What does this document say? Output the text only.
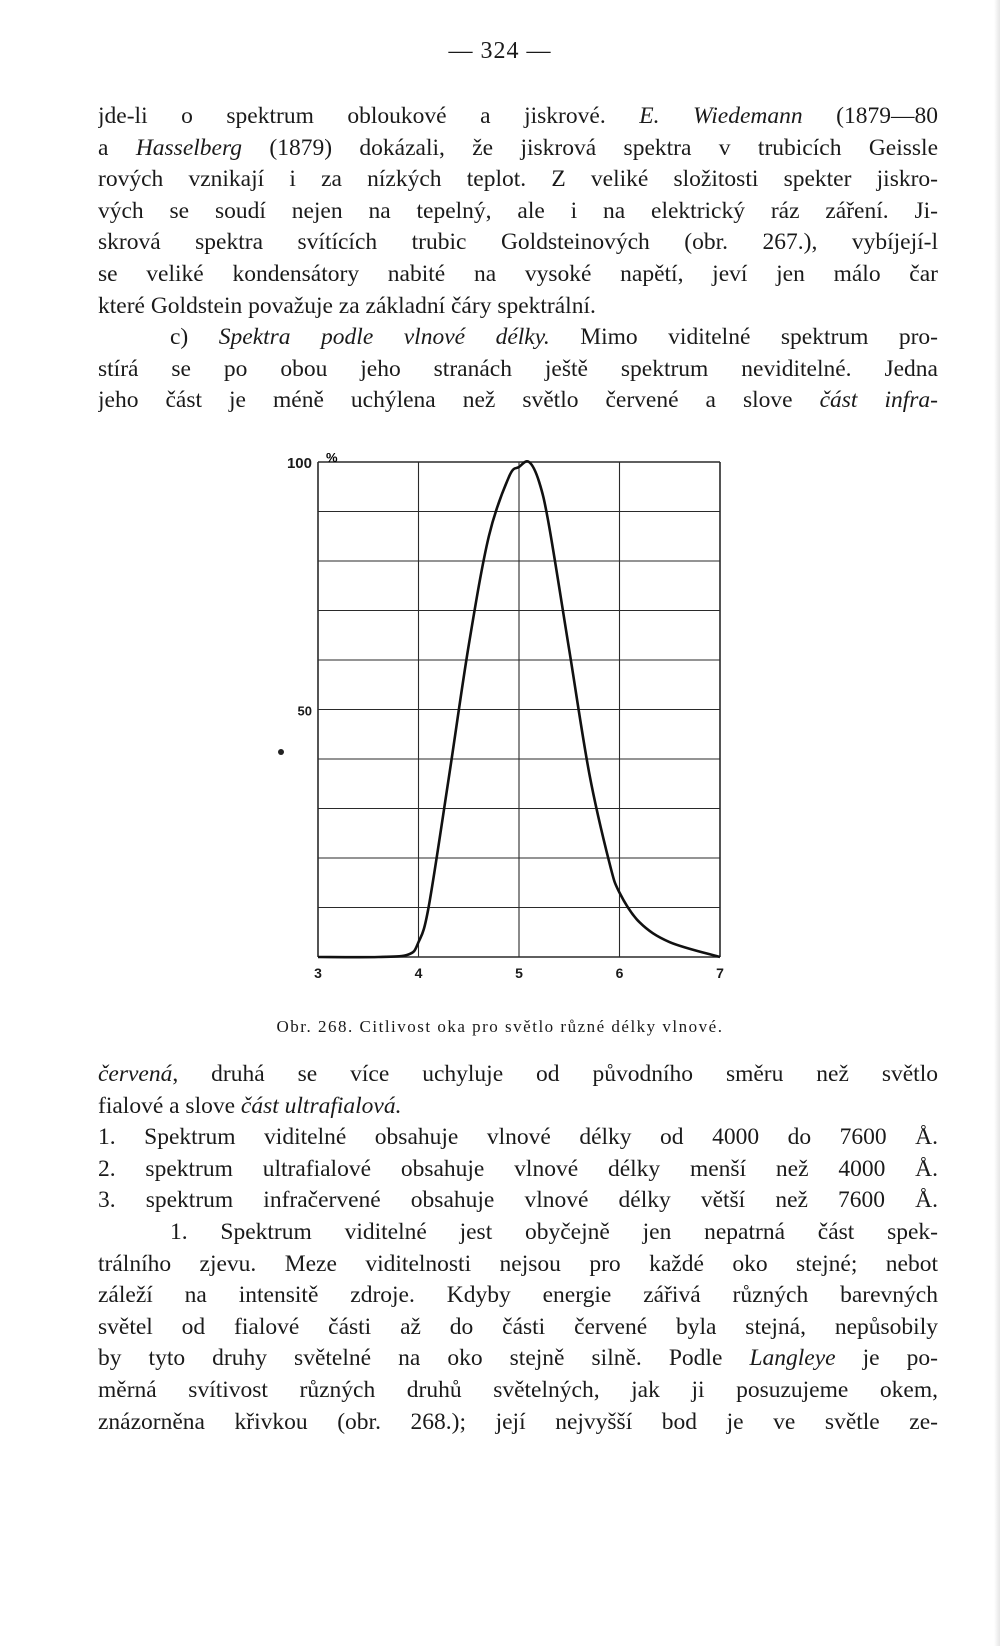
— 324 —
jde-li o spektrum obloukové a jiskrové. E. Wiedemann (1879—80
a Hasselberg (1879) dokázali, že jiskrová spektra v trubicích Geissle
rových vznikají i za nízkých teplot. Z veliké složitosti spekter jiskro-
vých se soudí nejen na tepelný, ale i na elektrický ráz záření. Ji-
skrová spektra svítících trubic Goldsteinových (obr. 267.), vybíjejí-l
se veliké kondensátory nabité na vysoké napětí, jeví jen málo čar
které Goldstein považuje za základní čáry spektrální.
c) Spektra podle vlnové délky. Mimo viditelné spektrum pro-
stírá se po obou jeho stranách ještě spektrum neviditelné. Jedna
jeho část je méně uchýlena než světlo červené a slove část infra-
100
50
3	4	5	6	7
%
Obr. 268. Citlivost oka pro světlo různé délky vlnové.
červená, druhá se více uchyluje od původního směru než světlo
fialové a slove část ultrafialová.
1. Spektrum viditelné obsahuje vlnové délky od 4000 do 7600 Å.
2. spektrum ultrafialové obsahuje vlnové délky menší než 4000 Å.
3. spektrum infračervené obsahuje vlnové délky větší než 7600 Å.
1. Spektrum viditelné jest obyčejně jen nepatrná část spek-
trálního zjevu. Meze viditelnosti nejsou pro každé oko stejné; nebot
záleží na intensitě zdroje. Kdyby energie zářivá různých barevných
světel od fialové části až do části červené byla stejná, nepůsobily
by tyto druhy světelné na oko stejně silně. Podle Langleye je po-
měrná svítivost různých druhů světelných, jak ji posuzujeme okem,
znázorněna křivkou (obr. 268.); její nejvyšší bod je ve světle ze-
